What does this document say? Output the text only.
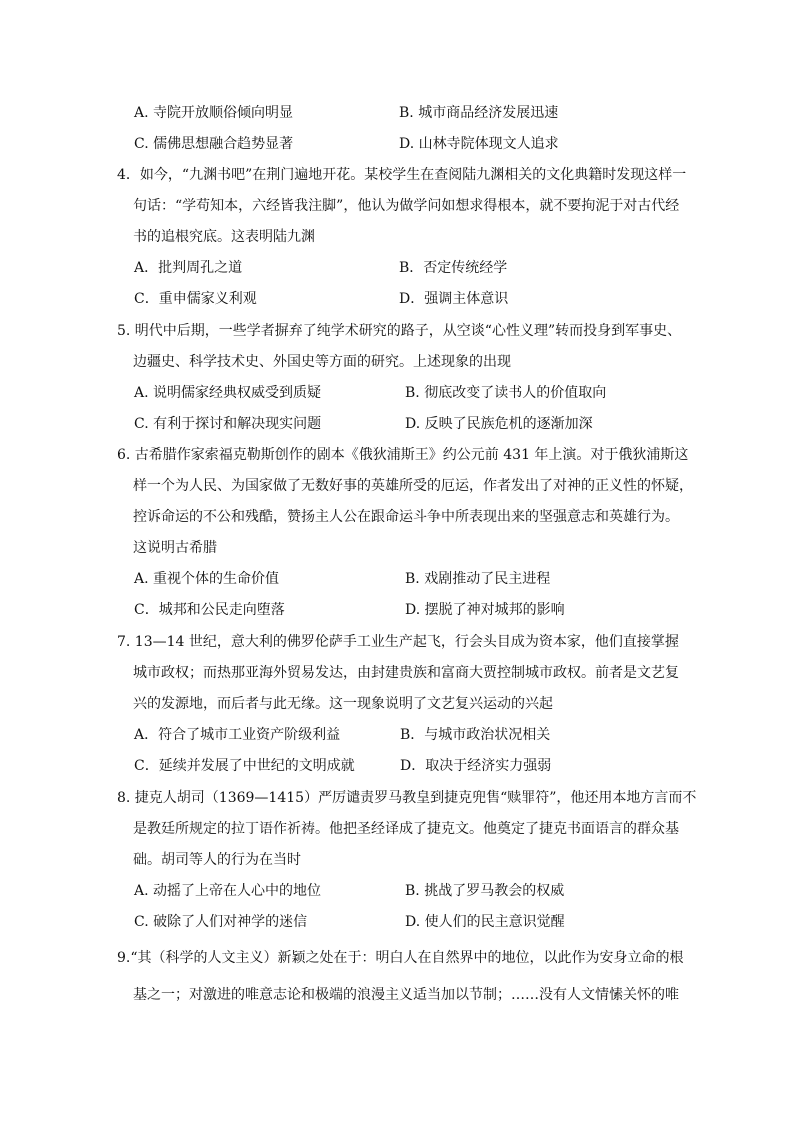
A. 寺院开放顺俗倾向明显	B. 城市商品经济发展迅速
C. 儒佛思想融合趋势显著	D. 山林寺院体现文人追求
4．如今，“九渊书吧”在荆门遍地开花。某校学生在查阅陆九渊相关的文化典籍时发现这样一
句话：“学苟知本，六经皆我注脚”，他认为做学问如想求得根本，就不要拘泥于对古代经
书的追根究底。这表明陆九渊
A．批判周孔之道	B．否定传统经学
C．重申儒家义利观	D．强调主体意识
5. 明代中后期，一些学者摒弃了纯学术研究的路子，从空谈“心性义理”转而投身到军事史、
边疆史、科学技术史、外国史等方面的研究。上述现象的出现
A. 说明儒家经典权威受到质疑	B. 彻底改变了读书人的价值取向
C. 有利于探讨和解决现实问题	D. 反映了民族危机的逐渐加深
6. 古希腊作家索福克勒斯创作的剧本《俄狄浦斯王》约公元前 431 年上演。对于俄狄浦斯这
样一个为人民、为国家做了无数好事的英雄所受的厄运，作者发出了对神的正义性的怀疑，
控诉命运的不公和残酷，赞扬主人公在跟命运斗争中所表现出来的坚强意志和英雄行为。
这说明古希腊
A. 重视个体的生命价值	B. 戏剧推动了民主进程
C．城邦和公民走向堕落	D. 摆脱了神对城邦的影响
7. 13—14 世纪，意大利的佛罗伦萨手工业生产起飞，行会头目成为资本家，他们直接掌握
城市政权；而热那亚海外贸易发达，由封建贵族和富商大贾控制城市政权。前者是文艺复
兴的发源地，而后者与此无缘。这一现象说明了文艺复兴运动的兴起
A．符合了城市工业资产阶级利益	B．与城市政治状况相关
C．延续并发展了中世纪的文明成就	D．取决于经济实力强弱
8. 捷克人胡司（1369—1415）严厉谴责罗马教皇到捷克兜售“赎罪符”，他还用本地方言而不
是教廷所规定的拉丁语作祈祷。他把圣经译成了捷克文。他奠定了捷克书面语言的群众基
础。胡司等人的行为在当时
A. 动摇了上帝在人心中的地位	B. 挑战了罗马教会的权威
C. 破除了人们对神学的迷信	D. 使人们的民主意识觉醒
9.“其（科学的人文主义）新颖之处在于：明白人在自然界中的地位，以此作为安身立命的根
基之一；对激进的唯意志论和极端的浪漫主义适当加以节制；……没有人文情愫关怀的唯
